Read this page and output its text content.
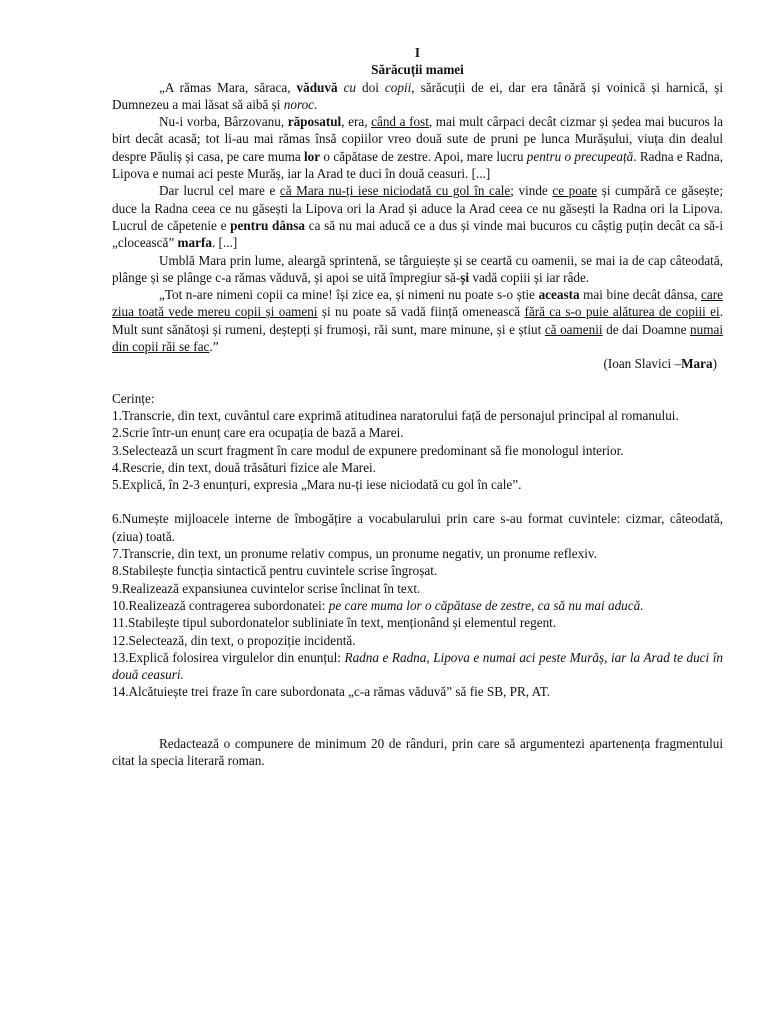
I
Sărăcuții mamei

„A rămas Mara, săraca, văduvă cu doi copii, sărăcuții de ei, dar era tânără și voinică și harnică, și Dumnezeu a mai lăsat să aibă și noroc.

Nu-i vorba, Bârzovanu, răposatul, era, când a fost, mai mult cârpaci decât cizmar și ședea mai bucuros la birt decât acasă; tot li-au mai rămas însă copiilor vreo două sute de pruni pe lunca Murășului, viuța din dealul despre Păuliș și casa, pe care muma lor o căpătase de zestre. Apoi, mare lucru pentru o precupeață. Radna e Radna, Lipova e numai aci peste Murăș, iar la Arad te duci în două ceasuri. [...]

Dar lucrul cel mare e că Mara nu-ți iese niciodată cu gol în cale; vinde ce poate și cumpără ce găsește; duce la Radna ceea ce nu găsești la Lipova ori la Arad și aduce la Arad ceea ce nu găsești la Radna ori la Lipova. Lucrul de căpetenie e pentru dânsa ca să nu mai aducă ce a dus și vinde mai bucuros cu câștig puțin decât ca să-i „clocească” marfa. [...]

Umblă Mara prin lume, aleargă sprintenă, se târguiește și se ceartă cu oamenii, se mai ia de cap câteodată, plânge și se plânge c-a rămas văduvă, și apoi se uită împregiur să-și vadă copiii și iar râde.

„Tot n-are nimeni copii ca mine! își zice ea, și nimeni nu poate s-o știe aceasta mai bine decât dânsa, care ziua toată vede mereu copii și oameni și nu poate să vadă ființă omenească fără ca s-o puie alăturea de copiii ei. Mult sunt sănătoși și rumeni, deștepți și frumoși, răi sunt, mare minune, și e știut că oamenii de dai Doamne numai din copii răi se fac.”

(Ioan Slavici –Mara)

Cerințe:

1.Transcrie, din text, cuvântul care exprimă atitudinea naratorului față de personajul principal al romanului.

2.Scrie într-un enunț care era ocupația de bază a Marei.

3.Selectează un scurt fragment în care modul de expunere predominant să fie monologul interior.

4.Rescrie, din text, două trăsături fizice ale Marei.

5.Explică, în 2-3 enunțuri, expresia „Mara nu-ți iese niciodată cu gol în cale”.

6.Numește mijloacele interne de îmbogățire a vocabularului prin care s-au format cuvintele: cizmar, câteodată, (ziua) toată.

7.Transcrie, din text, un pronume relativ compus, un pronume negativ, un pronume reflexiv.

8.Stabilește funcția sintactică pentru cuvintele scrise îngroșat.

9.Realizează expansiunea cuvintelor scrise înclinat în text.

10.Realizează contragerea subordonatei: pe care muma lor o căpătase de zestre, ca să nu mai aducă.

11.Stabilește tipul subordonatelor subliniate în text, menționând și elementul regent.

12.Selectează, din text, o propoziție incidentă.

13.Explică folosirea virgulelor din enunțul: Radna e Radna, Lipova e numai aci peste Murăș, iar la Arad te duci în două ceasuri.

14.Alcătuiește trei fraze în care subordonata „c-a rămas văduvă” să fie SB, PR, AT.

Redactează o compunere de minimum 20 de rânduri, prin care să argumentezi apartenența fragmentului citat la specia literară roman.
